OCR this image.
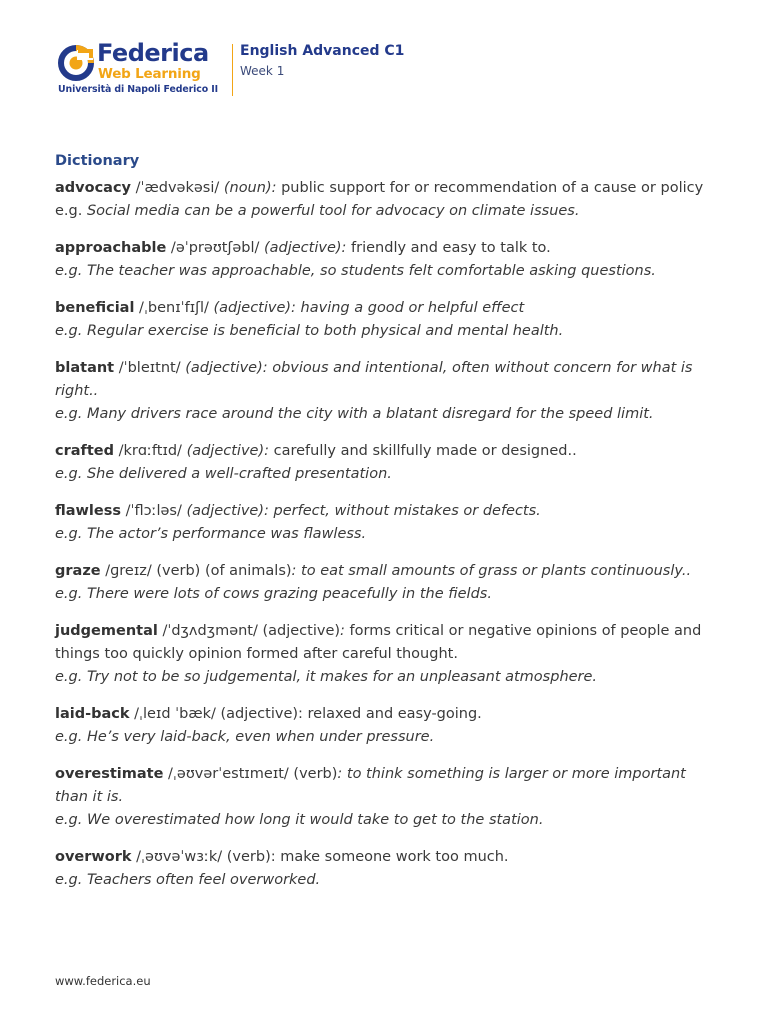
Federica
Web Learning
Università di Napoli Federico II
English Advanced C1
Week 1
Dictionary

advocacy /ˈædvəkəsi/ (noun): public support for or recommendation of a cause or policy

e.g. Social media can be a powerful tool for advocacy on climate issues.

approachable /əˈprəʊtʃəbl/ (adjective): friendly and easy to talk to.

e.g. The teacher was approachable, so students felt comfortable asking questions.

beneficial /ˌbenɪˈfɪʃl/ (adjective): having a good or helpful effect

e.g. Regular exercise is beneficial to both physical and mental health.

blatant /ˈbleɪtnt/ (adjective): obvious and intentional, often without concern for what is right..

e.g. Many drivers race around the city with a blatant disregard for the speed limit.

crafted /krɑːftɪd/ (adjective): carefully and skillfully made or designed..

e.g. She delivered a well-crafted presentation.

flawless /ˈflɔːləs/ (adjective): perfect, without mistakes or defects.

e.g. The actor’s performance was flawless.

graze /ɡreɪz/ (verb) (of animals): to eat small amounts of grass or plants continuously..

e.g. There were lots of cows grazing peacefully in the fields.

judgemental /ˈdʒʌdʒmənt/ (adjective): forms critical or negative opinions of people and things too quickly opinion formed after careful thought.

e.g. Try not to be so judgemental, it makes for an unpleasant atmosphere.

laid-back /ˌleɪd ˈbæk/ (adjective): relaxed and easy-going.

e.g. He’s very laid-back, even when under pressure.

overestimate /ˌəʊvərˈestɪmeɪt/ (verb): to think something is larger or more important than it is.

e.g. We overestimated how long it would take to get to the station.

overwork /ˌəʊvəˈwɜːk/ (verb): make someone work too much.

e.g. Teachers often feel overworked.

www.federica.eu
